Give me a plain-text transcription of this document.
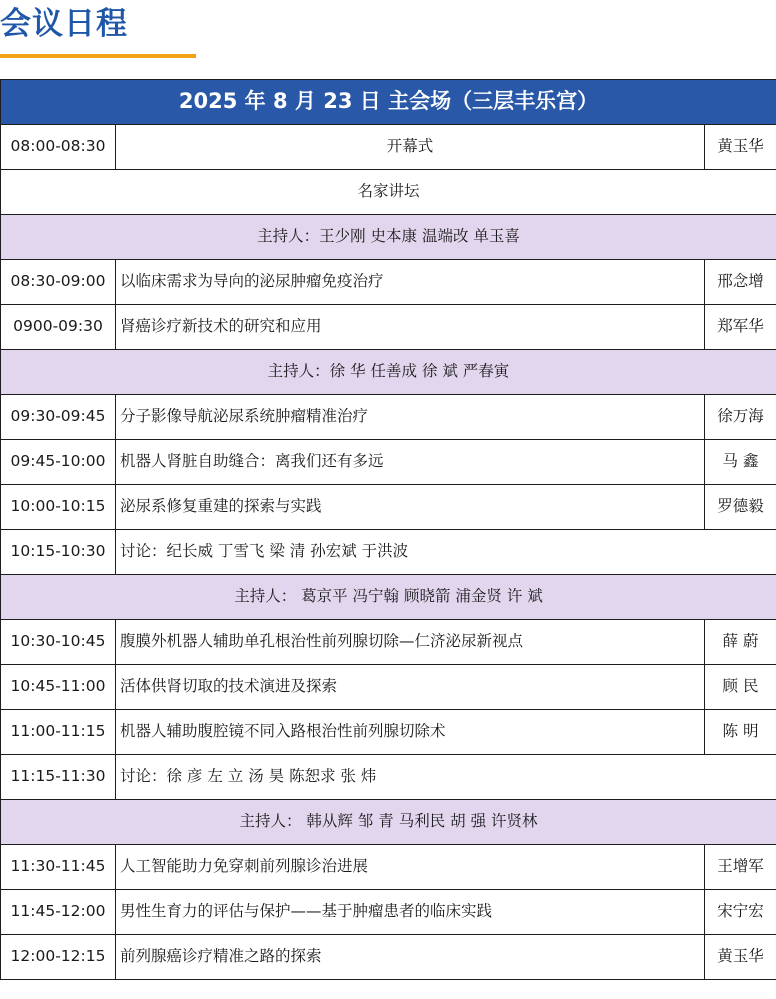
会议日程
2025 年 8 月 23 日 主会场（三层丰乐宫）		
08:00-08:30	开幕式	黄玉华
名家讲坛		
主持人：王少刚 史本康 温端改 单玉喜		
08:30-09:00	以临床需求为导向的泌尿肿瘤免疫治疗	邢念增
0900-09:30	肾癌诊疗新技术的研究和应用	郑军华
主持人：徐 华 任善成 徐 斌 严春寅		
09:30-09:45	分子影像导航泌尿系统肿瘤精准治疗	徐万海
09:45-10:00	机器人肾脏自助缝合：离我们还有多远	马 鑫
10:00-10:15	泌尿系修复重建的探索与实践	罗德毅
10:15-10:30	讨论：纪长威 丁雪飞 梁 清 孙宏斌 于洪波	
主持人： 葛京平 冯宁翰 顾晓箭 浦金贤 许 斌		
10:30-10:45	腹膜外机器人辅助单孔根治性前列腺切除—仁济泌尿新视点	薛 蔚
10:45-11:00	活体供肾切取的技术演进及探索	顾 民
11:00-11:15	机器人辅助腹腔镜不同入路根治性前列腺切除术	陈 明
11:15-11:30	讨论：徐 彦 左 立 汤 昊 陈恕求 张 炜	
主持人： 韩从辉 邹 青 马利民 胡 强 许贤林		
11:30-11:45	人工智能助力免穿刺前列腺诊治进展	王增军
11:45-12:00	男性生育力的评估与保护——基于肿瘤患者的临床实践	宋宁宏
12:00-12:15	前列腺癌诊疗精准之路的探索	黄玉华
